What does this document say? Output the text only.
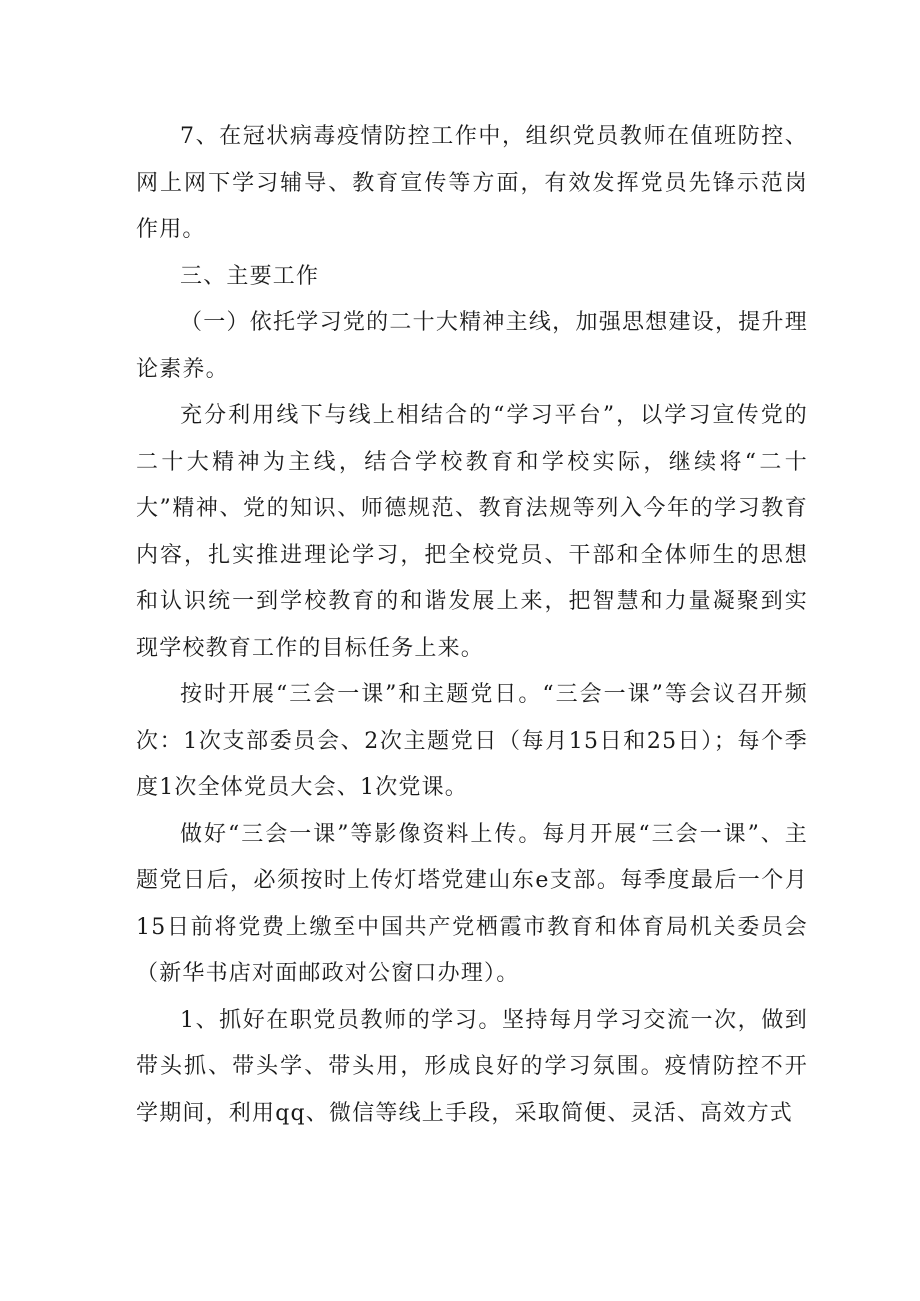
7、在冠状病毒疫情防控工作中，组织党员教师在值班防控、网上网下学习辅导、教育宣传等方面，有效发挥党员先锋示范岗作用。

三、主要工作

（一）依托学习党的二十大精神主线，加强思想建设，提升理论素养。

充分利用线下与线上相结合的“学习平台”，以学习宣传党的二十大精神为主线，结合学校教育和学校实际，继续将“二十大”精神、党的知识、师德规范、教育法规等列入今年的学习教育内容，扎实推进理论学习，把全校党员、干部和全体师生的思想和认识统一到学校教育的和谐发展上来，把智慧和力量凝聚到实现学校教育工作的目标任务上来。

按时开展“三会一课”和主题党日。“三会一课”等会议召开频次：1次支部委员会、2次主题党日（每月15日和25日）；每个季度1次全体党员大会、1次党课。

做好“三会一课”等影像资料上传。每月开展“三会一课”、主题党日后，必须按时上传灯塔党建山东e支部。每季度最后一个月15日前将党费上缴至中国共产党栖霞市教育和体育局机关委员会（新华书店对面邮政对公窗口办理）。

1、抓好在职党员教师的学习。坚持每月学习交流一次，做到带头抓、带头学、带头用，形成良好的学习氛围。疫情防控不开学期间，利用qq、微信等线上手段，采取简便、灵活、高效方式
